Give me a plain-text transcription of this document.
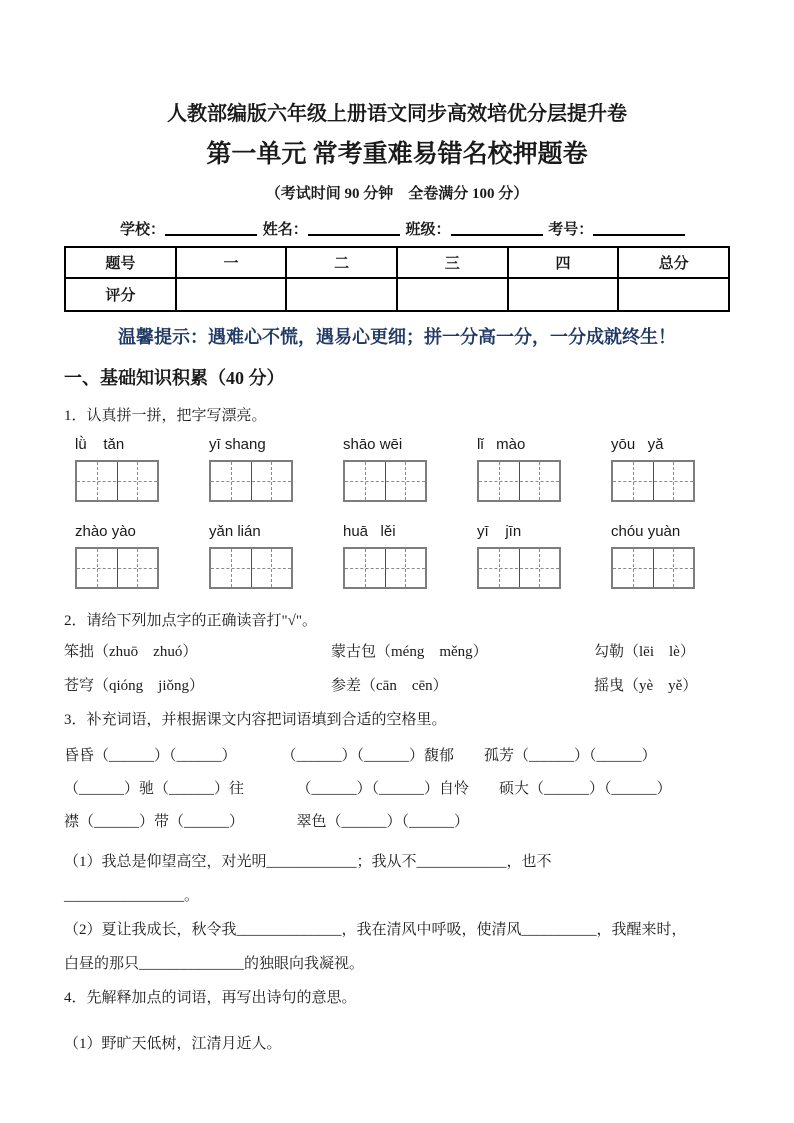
人教部编版六年级上册语文同步高效培优分层提升卷
第一单元 常考重难易错名校押题卷
（考试时间 90 分钟　全卷满分 100 分）
学校：	姓名：	班级：	考号：
题号	一	二	三	四	总分
评分					
温馨提示：遇难心不慌，遇易心更细；拼一分高一分，一分成就终生！
一、基础知识积累（40 分）
1．认真拼一拼，把字写漂亮。
lǜ    tǎn	yī shang	shāo wēi	lǐ   mào	yōu   yǎ
zhào yào	yǎn lián	huā   lěi	yī    jīn	chóu yuàn
2．请给下列加点字的正确读音打"√"。
笨拙（zhuō　zhuó）	蒙古包（méng　měng）	勾勒（lēi　lè）
苍穹（qióng　jiǒng）	参差（cān　cēn）	摇曳（yè　yě）
3．补充词语，并根据课文内容把词语填到合适的空格里。
昏昏（______）（______）　　　　（______）（______）馥郁　　孤芳（______）（______）
（______）驰（______）往　　　　（______）（______）自怜　　硕大（______）（______）
襟（______）带（______）　　　　翠色（______）（______）
（1）我总是仰望高空，对光明____________；我从不____________，也不
________________。
（2）夏让我成长，秋令我______________，我在清风中呼吸，使清风__________，我醒来时，
白昼的那只______________的独眼向我凝视。
4．先解释加点的词语，再写出诗句的意思。
（1）野旷天低树，江清月近人。
